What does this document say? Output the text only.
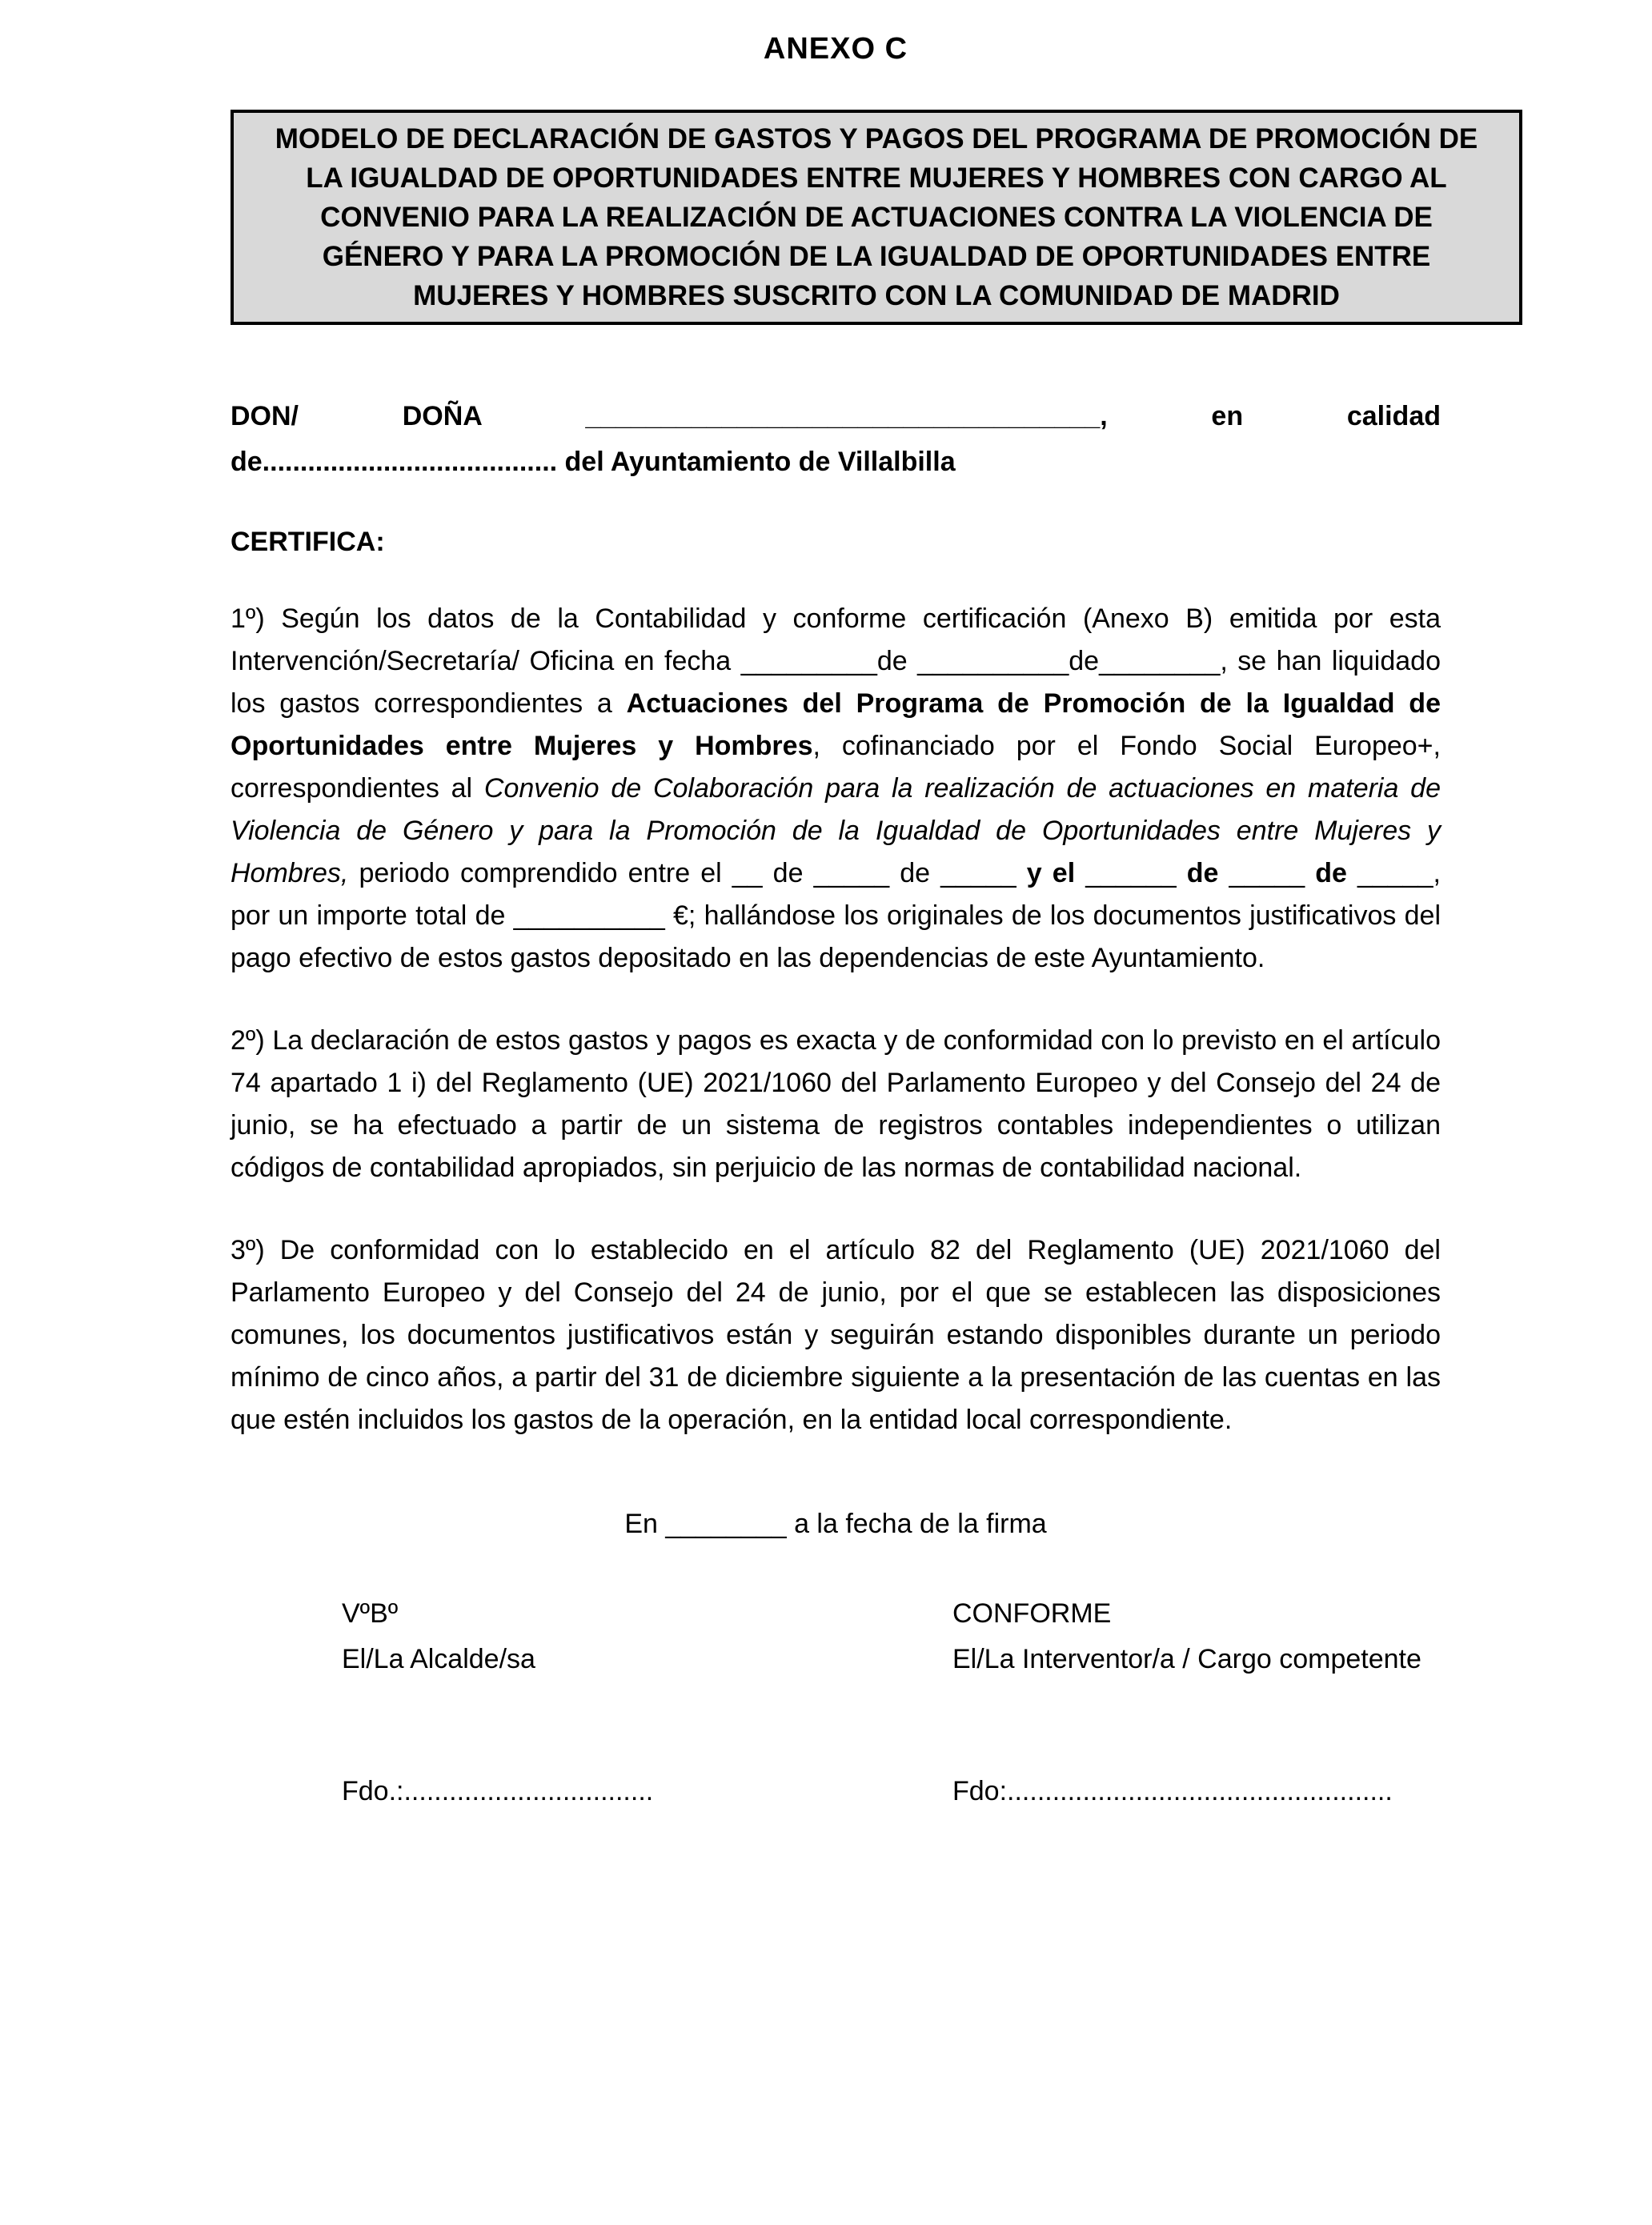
ANEXO C
MODELO DE DECLARACIÓN DE GASTOS Y PAGOS DEL PROGRAMA DE PROMOCIÓN DE LA IGUALDAD DE OPORTUNIDADES ENTRE MUJERES Y HOMBRES CON CARGO AL CONVENIO PARA LA REALIZACIÓN DE ACTUACIONES CONTRA LA VIOLENCIA DE GÉNERO Y PARA LA PROMOCIÓN DE LA IGUALDAD DE OPORTUNIDADES ENTRE MUJERES Y HOMBRES SUSCRITO CON LA COMUNIDAD DE MADRID
DON/ DOÑA __________________________________, en calidad
de....................................... del Ayuntamiento de Villalbilla
CERTIFICA:

1º) Según los datos de la Contabilidad y conforme certificación (Anexo B) emitida por esta Intervención/Secretaría/ Oficina en fecha _________de __________de________, se han liquidado los gastos correspondientes a Actuaciones del Programa de Promoción de la Igualdad de Oportunidades entre Mujeres y Hombres, cofinanciado por el Fondo Social Europeo+, correspondientes al Convenio de Colaboración para la realización de actuaciones en materia de Violencia de Género y para la Promoción de la Igualdad de Oportunidades entre Mujeres y Hombres, periodo comprendido entre el __ de _____ de _____ y el ______ de _____ de _____, por un importe total de __________ €; hallándose los originales de los documentos justificativos del pago efectivo de estos gastos depositado en las dependencias de este Ayuntamiento.

2º) La declaración de estos gastos y pagos es exacta y de conformidad con lo previsto en el artículo 74 apartado 1 i) del Reglamento (UE) 2021/1060 del Parlamento Europeo y del Consejo del 24 de junio, se ha efectuado a partir de un sistema de registros contables independientes o utilizan códigos de contabilidad apropiados, sin perjuicio de las normas de contabilidad nacional.

3º) De conformidad con lo establecido en el artículo 82 del Reglamento (UE) 2021/1060 del Parlamento Europeo y del Consejo del 24 de junio, por el que se establecen las disposiciones comunes, los documentos justificativos están y seguirán estando disponibles durante un periodo mínimo de cinco años, a partir del 31 de diciembre siguiente a la presentación de las cuentas en las que estén incluidos los gastos de la operación, en la entidad local correspondiente.

En ________ a la fecha de la firma
VºBº
El/La Alcalde/sa
Fdo.:.................................
CONFORME
El/La Interventor/a / Cargo competente
Fdo:...................................................
